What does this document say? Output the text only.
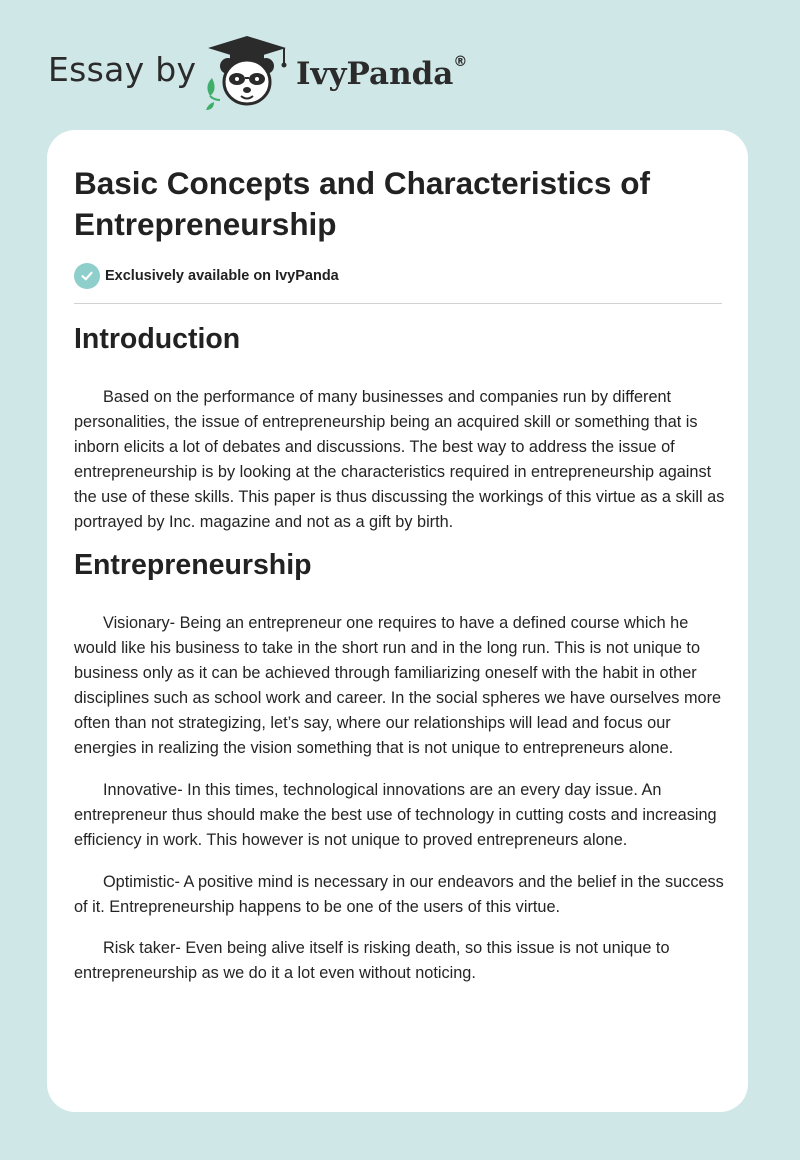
Essay by	IvyPanda®
Basic Concepts and Characteristics of Entrepreneurship
Exclusively available on IvyPanda
Introduction

Based on the performance of many businesses and companies run by different personalities, the issue of entrepreneurship being an acquired skill or something that is inborn elicits a lot of debates and discussions. The best way to address the issue of entrepreneurship is by looking at the characteristics required in entrepreneurship against the use of these skills. This paper is thus discussing the workings of this virtue as a skill as portrayed by Inc. magazine and not as a gift by birth.

Entrepreneurship

Visionary- Being an entrepreneur one requires to have a defined course which he would like his business to take in the short run and in the long run. This is not unique to business only as it can be achieved through familiarizing oneself with the habit in other disciplines such as school work and career. In the social spheres we have ourselves more often than not strategizing, let’s say, where our relationships will lead and focus our energies in realizing the vision something that is not unique to entrepreneurs alone.

Innovative- In this times, technological innovations are an every day issue. An entrepreneur thus should make the best use of technology in cutting costs and increasing efficiency in work. This however is not unique to proved entrepreneurs alone.

Optimistic- A positive mind is necessary in our endeavors and the belief in the success of it. Entrepreneurship happens to be one of the users of this virtue.

Risk taker- Even being alive itself is risking death, so this issue is not unique to entrepreneurship as we do it a lot even without noticing.
